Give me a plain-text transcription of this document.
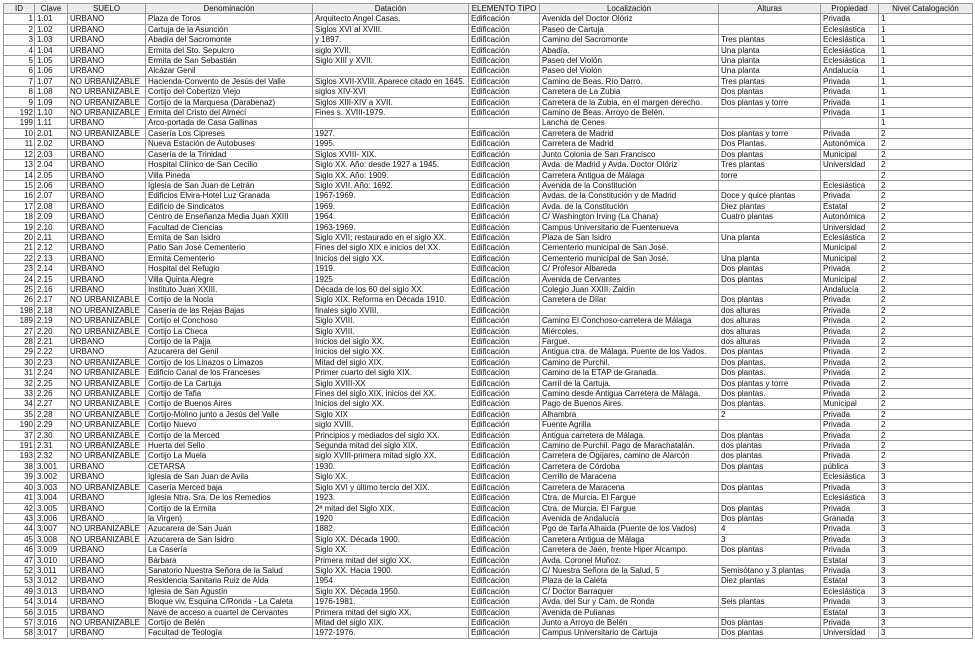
ID	Clave	SUELO	Denominación	Datación	ELEMENTO TIPO	Localización	Alturas	Propiedad	Nivel Catalogación
1	1.01	URBANO	Plaza de Toros	Arquitecto Angel Casas.	Edificación	Avenida del Doctor Olóriz		Privada	1
2	1.02	URBANO	Cartuja de la Asunción	Siglos XVI al XVIII.	Edificación	Paseo de Cartuja		Eclesiástica	1
3	1.03	URBANO	Abadía del Sacromonte	y 1897.	Edificación	Camino del Sacromonte	Tres plantas	Eclesiástica	1
4	1.04	URBANO	Ermita del Sto. Sepulcro	siglo XVII.	Edificación	Abadía.	Una planta	Eclesiástica	1
5	1.05	URBANO	Ermita de San Sebastián	Siglo XIII y XVII.	Edificación	Paseo del Violón	Una planta	Eclesiástica	1
6	1.06	URBANO	Alcázar Genil		Edificación	Paseo del Violón	Una planta	Andalucía	1
7	1.07	NO URBANIZABLE	Hacienda-Convento de Jesús del Valle	Siglos XVII-XVIII. Aparece citado en 1645.	Edificación	Camino de Beas. Río Darro.	Tres plantas	Privada	1
8	1.08	NO URBANIZABLE	Cortijo del Cobertizo Viejo	siglos XIV-XVI	Edificación	Carretera de La Zubia	Dos plantas	Privada	1
9	1.09	NO URBANIZABLE	Cortijo de la Marquesa (Darabenaz)	Siglos XIII-XIV a XVII.	Edificación	Carretera de la Zubia, en el margen derecho.	Dos plantas y torre	Privada	1
192	1.10	NO URBANIZABLE	Ermita del Cristo del Almecí	Fines s. XVIII-1979.	Edificación	Camino de Beas. Arroyo de Belén.		Privada	1
199	1.11	URBANO	Arco-portada de Casa Gallinas			Lancha de Cenes			1
10	2.01	NO URBANIZABLE	Casería Los Cipreses	1927.	Edificación	Carretera de Madrid	Dos plantas y torre	Privada	2
11	2.02	URBANO	Nueva Estación de Autobuses	1995.	Edificación	Carretera de Madrid	Dos Plantas.	Autonómica	2
12	2.03	URBANO	Casería de la Trinidad	Siglos XVIII- XIX.	Edificación	Junto Colonia de San Francisco	Dos plantas	Municipal	2
13	2.04	URBANO	Hospital Clínico de San Cecilio	Siglo XX. Año: desde 1927 a 1945.	Edificación	Avda. de Madrid y Avda. Doctor Olóriz	Tres plantas	Universidad	2
14	2.05	URBANO	Villa Pineda	Siglo XX. Año: 1909.	Edificación	Carretera Antigua de Málaga	torre		2
15	2.06	URBANO	Iglesia de San Juan de Letrán	Siglo XVII. Año: 1692.	Edificación	Avenida de la Constitución		Eclesiástica	2
16	2.07	URBANO	Edificios Elvira-Hotel Luz Granada	1967-1969.	Edificación	Avdas. de la Constitución y de Madrid	Doce y quice plantas	Privada	2
17	2.08	URBANO	Edificio de Sindicatos	1969.	Edificación	Avda. de la Constitución	Diez plantas	Estatal	2
18	2.09	URBANO	Centro de Enseñanza Media Juan XXIII	1964.	Edificación	C/ Washington Irving (La Chana)	Cuatro plantas	Autonómica	2
19	2.10	URBANO	Facultad de Ciencias	1963-1969.	Edificación	Campus Universitario de Fuentenueva		Universidad	2
20	2.11	URBANO	Ermita de San Isidro	Siglo XVII; restaurado en el siglo XX.	Edificación	Plaza de San Isidro	Una planta	Eclesiástica	2
21	2.12	URBANO	Patio San José Cementerio	Fines del siglo XIX e inicios del XX.	Edificación	Cementerio municipal de San José.		Municipal	2
22	2.13	URBANO	Ermita Cementerio	Inicios del siglo XX.	Edificación	Cementerio municipal de San José.	Una planta	Municipal	2
23	2.14	URBANO	Hospital del Refugio	1919.	Edificación	C/ Profesor Albareda	Dos plantas	Privada	2
24	2.15	URBANO	Villa Quinta Alegre	1925	Edificación	Avenida de Cervantes	Dos plantas	Municipal	2
25	2.16	URBANO	Instituto Juan XXIII.	Década de los 60 del siglo XX.	Edificación	Colegio Juan XXIII. Zaidín		Andalucía	2
26	2.17	NO URBANIZABLE	Cortijo de la Nocla	Siglo XIX. Reforma en Década 1910.	Edificación	Carretera de Dílar	Dos plantas	Privada	2
198	2.18	NO URBANIZABLE	Casería de las Rejas Bajas	finales siglo XVIII.	Edificación		dos alturas	Privada	2
189	2.19	NO URBANIZABLE	Cortijo el Conchoso	Siglo XVIII.	Edificación	Camino El Conchoso-carretera de Málaga	dos alturas	Privada	2
27	2.20	NO URBANIZABLE	Cortijo La Checa	Siglo XVIII.	Edificación	Miércoles.	dos alturas	Privada	2
28	2.21	URBANO	Cortijo de la Pajja	Inicios del siglo XX.	Edificación	Fargue.	dos alturas	Privada	2
29	2.22	URBANO	Azucarera del Genil	Inicios del siglo XX.	Edificación	Antigua ctra. de Málaga. Puente de los Vados.	Dos plantas	Privada	2
30	2.23	NO URBANIZABLE	Cortijo de los Linazos o Limazos	Mitad del siglo XIX.	Edificación	Camino de Purchil.	Dos plantas.	Privada	2
31	2.24	NO URBANIZABLE	Edificio Canal de los Franceses	Primer cuarto del siglo XIX.	Edificación	Camino de la ETAP de Granada.	Dos plantas.	Privada	2
32	2.25	NO URBANIZABLE	Cortijo de La Cartuja	Siglo XVIII-XX	Edificación	Carril de la Cartuja.	Dos plantas y torre	Privada	2
33	2.26	NO URBANIZABLE	Cortijo de Tafia	Fines del siglo XIX, inicios del XX.	Edificación	Camino desde Antigua Carretera de Málaga.	Dos plantas.	Privada	2
34	2.27	NO URBANIZABLE	Cortijo de Buenos Aires	Inicios del siglo XX.	Edificación	Pago de Buenos Aires.	Dos plantas.	Municipal	2
35	2.28	NO URBANIZABLE	Cortijo-Molino junto a Jesús del Valle	Siglo XIX	Edificación	Alhambra	2	Privada	2
190	2.29	NO URBANIZABLE	Cortijo Nuevo	siglo XVIII.	Edificación	Fuente Agrilla		Privada	2
37	2.30	NO URBANIZABLE	Cortijo de la Merced	Principios y mediados del siglo XX.	Edificación	Antigua carretera de Málaga.	Dos plantas	Privada	2
191	2.31	NO URBANIZABLE	Huerta del Sello	Segunda mitad del siglo XIX.	Edificación	Camino de Purchil. Pago de Marachatalán.	dos plantas	Privada	2
193	2.32	NO URBANIZABLE	Cortijo La Muela	siglo XVIII-primera mitad siglo XX.	Edificación	Carretera de Ogíjares, camino de Alarcón	dos plantas	Privada	2
38	3.001	URBANO	CETARSA	1930.	Edificación	Carretera de Córdoba	Dos plantas	pública	3
39	3.002	URBANO	Iglesia de San Juan de Avila	Siglo XX.	Edificación	Cerrillo de Maracena		Eclesiástica	3
40	3.003	NO URBANIZABLE	Casería Merced baja	Siglo XVI y último tercio del XIX.	Edificación	Carretera de Maracena	Dos plantas	Privada	3
41	3.004	URBANO	Iglesia Ntra. Sra. De los Remedios	1923.	Edificación	Ctra. de Murcia. El Fargue		Eclesiástica	3
42	3.005	URBANO	Cortijo de la Ermita	2ª mitad del Siglo XIX.	Edificación	Ctra. de Murcia. El Fargue	Dos plantas	Privada	3
43	3.006	URBANO	la Virgen)	1920	Edificación	Avenida de Andalucía	Dos plantas	Granada	3
44	3.007	NO URBANIZABLE	Azucarera de San Juan	1882	Edificación	Pgo de Tarfa Alhaida (Puente de los Vados)	4	Privada	3
45	3.008	NO URBANIZABLE	Azucarera de San Isidro	Siglo XX. Década 1900.	Edificación	Carretera Antigua de Málaga	3	Privada	3
46	3.009	URBANO	La Casería	Siglo XX.	Edificación	Carretera de Jaén, frente Hiper Alcampo.	Dos plantas	Privada	3
47	3.010	URBANO	Bárbara	Primera mitad del siglo XX.	Edificación	Avda. Coronel Muñoz.		Estatal	3
52	3.011	URBANO	Sanatorio Nuestra Señora de la Salud	Siglo XX. Hacia 1900.	Edificación	C/ Nuestra Señora de la Salud, 5	Semisótano y 3 plantas	Privada	3
53	3.012	URBANO	Residencia Sanitaria Ruiz de Alda	1954	Edificación	Plaza de la Caleta	Diez plantas	Estatal	3
49	3.013	URBANO	Iglesia de San Agustín	Siglo XX. Década 1950.	Edificación	C/ Doctor Barraquer		Eclesiástica	3
54	3.014	URBANO	Bloque viv. Esquina C/Ronda - La Caleta	1976-1981.	Edificación	Avda. del Sur y Cam. de Ronda	Seis plantas	Privada	3
56	3.015	URBANO	Nave de acceso a cuartel de Cervantes	Primera mitad del siglo XX.	Edificación	Avenida de Pulianas		Estatal	3
57	3.016	NO URBANIZABLE	Cortijo de Belén	Mitad del siglo XIX.	Edificación	Junto a Arroyo de Belén	Dos plantas	Privada	3
58	3.017	URBANO	Facultad de Teología	1972-1976.	Edificación	Campus Universitario de Cartuja	Dos plantas	Universidad	3
